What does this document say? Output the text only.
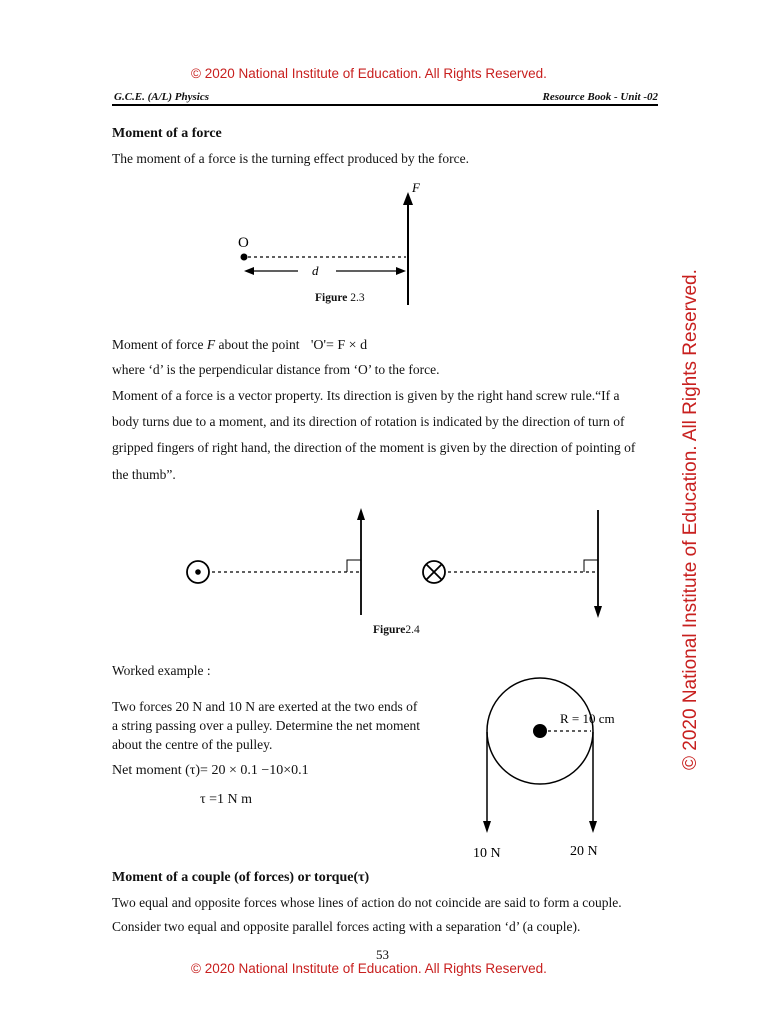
© 2020 National Institute of Education. All Rights Reserved.
G.C.E. (A/L) Physics	Resource Book - Unit -02
© 2020 National Institute of Education. All Rights Reserved.
Moment of a force
The moment of a force is the turning effect produced by the force.
F
O
d
Figure 2.3
Moment of force F about the point 'O'= F × d
where ‘d’ is the perpendicular distance from ‘O’ to the force.
Moment of a force is a vector property. Its direction is given by the right hand screw rule.“If a
body turns due to a moment, and its direction of rotation is indicated by the direction of turn of
gripped fingers of right hand, the direction of the moment is given by the direction of pointing of
the thumb”.
Figure2.4
Worked example :
Two forces 20 N and 10 N are exerted at the two ends of
a string passing over a pulley. Determine the net moment
about the centre of the pulley.
Net moment (τ)= 20 × 0.1 −10×0.1
τ =1 N m
R = 10 cm
10 N	20 N
Moment of a couple (of forces) or torque(τ)
Two equal and opposite forces whose lines of action do not coincide are said to form a couple.
Consider two equal and opposite parallel forces acting with a separation ‘d’ (a couple).
53
© 2020 National Institute of Education. All Rights Reserved.
